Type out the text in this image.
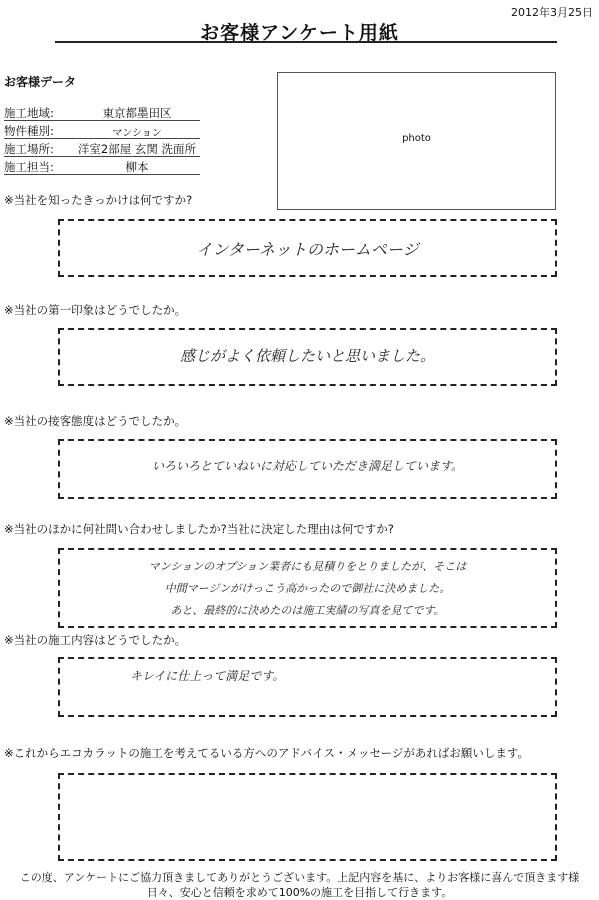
2012年3月25日
お客様アンケート用紙
お客様データ
施工地域:	東京都墨田区
物件種別:	マンション
施工場所:	洋室2部屋 玄関 洗面所
施工担当:	柳本
photo
※当社を知ったきっかけは何ですか?
インターネットのホームページ
※当社の第一印象はどうでしたか。
感じがよく依頼したいと思いました。
※当社の接客態度はどうでしたか。
いろいろとていねいに対応していただき満足しています。
※当社のほかに何社問い合わせしましたか?当社に決定した理由は何ですか?
マンションのオプション業者にも見積りをとりましたが、そこは
中間マージンがけっこう高かったので御社に決めました。
あと、最終的に決めたのは施工実績の写真を見てです。
※当社の施工内容はどうでしたか。
キレイに仕上って満足です。
※これからエコカラットの施工を考えてるいる方へのアドバイス・メッセージがあればお願いします。
この度、アンケートにご協力頂きましてありがとうございます。上記内容を基に、よりお客様に喜んで頂きます様
日々、安心と信頼を求めて100%の施工を目指して行きます。
